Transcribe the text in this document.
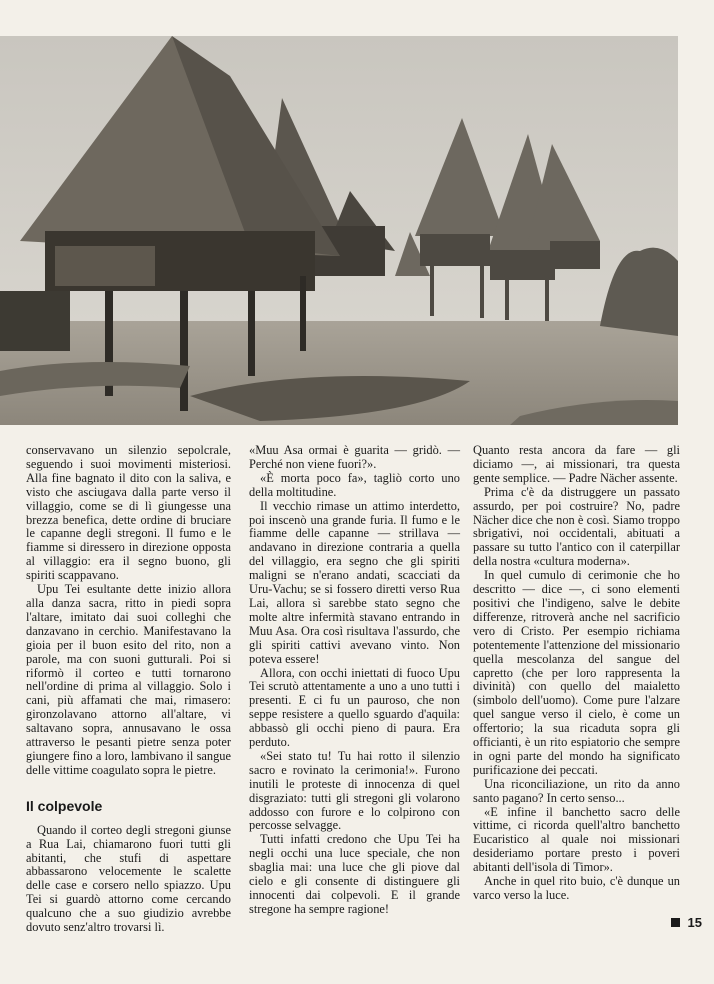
conservavano un silenzio sepolcrale, seguendo i suoi movimenti misteriosi. Alla fine bagnato il dito con la saliva, e visto che asciugava dalla parte verso il villaggio, come se di lì giungesse una brezza benefica, dette ordine di bruciare le capanne degli stregoni. Il fumo e le fiamme si diressero in direzione opposta al villaggio: era il segno buono, gli spiriti scappavano.

Upu Tei esultante dette inizio allora alla danza sacra, ritto in piedi sopra l'altare, imitato dai suoi colleghi che danzavano in cerchio. Manifestavano la gioia per il buon esito del rito, non a parole, ma con suoni gutturali. Poi si riformò il corteo e tutti tornarono nell'ordine di prima al villaggio. Solo i cani, più affamati che mai, rimasero: gironzolavano attorno all'altare, vi saltavano sopra, annusavano le ossa attraverso le pesanti pietre senza poter giungere fino a loro, lambivano il sangue delle vittime coagulato sopra le pietre.

Il colpevole

Quando il corteo degli stregoni giunse a Rua Lai, chiamarono fuori tutti gli abitanti, che stufi di aspettare abbassarono velocemente le scalette delle case e corsero nello spiazzo. Upu Tei si guardò attorno come cercando qualcuno che a suo giudizio avrebbe dovuto senz'altro trovarsi lì.

«Muu Asa ormai è guarita — gridò. — Perché non viene fuori?».

«È morta poco fa», tagliò corto uno della moltitudine.

Il vecchio rimase un attimo interdetto, poi inscenò una grande furia. Il fumo e le fiamme delle capanne — strillava — andavano in direzione contraria a quella del villaggio, era segno che gli spiriti maligni se n'erano andati, scacciati da Uru-Vachu; se si fossero diretti verso Rua Lai, allora sì sarebbe stato segno che molte altre infermità stavano entrando in Muu Asa. Ora così risultava l'assurdo, che gli spiriti cattivi avevano vinto. Non poteva essere!

Allora, con occhi iniettati di fuoco Upu Tei scrutò attentamente a uno a uno tutti i presenti. E ci fu un pauroso, che non seppe resistere a quello sguardo d'aquila: abbassò gli occhi pieno di paura. Era perduto.

«Sei stato tu! Tu hai rotto il silenzio sacro e rovinato la cerimonia!». Furono inutili le proteste di innocenza di quel disgraziato: tutti gli stregoni gli volarono addosso con furore e lo colpirono con percosse selvagge.

Tutti infatti credono che Upu Tei ha negli occhi una luce speciale, che non sbaglia mai: una luce che gli piove dal cielo e gli consente di distinguere gli innocenti dai colpevoli. E il grande stregone ha sempre ragione!

Quanto resta ancora da fare — gli diciamo —, ai missionari, tra questa gente semplice. — Padre Nächer assente.

Prima c'è da distruggere un passato assurdo, per poi costruire? No, padre Nächer dice che non è così. Siamo troppo sbrigativi, noi occidentali, abituati a passare su tutto l'antico con il caterpillar della nostra «cultura moderna».

In quel cumulo di cerimonie che ho descritto — dice —, ci sono elementi positivi che l'indigeno, salve le debite differenze, ritroverà anche nel sacrificio vero di Cristo. Per esempio richiama potentemente l'attenzione del missionario quella mescolanza del sangue del capretto (che per loro rappresenta la divinità) con quello del maialetto (simbolo dell'uomo). Come pure l'alzare quel sangue verso il cielo, è come un offertorio; la sua ricaduta sopra gli officianti, è un rito espiatorio che sempre in ogni parte del mondo ha significato purificazione dei peccati.

Una riconciliazione, un rito da anno santo pagano? In certo senso...

«E infine il banchetto sacro delle vittime, ci ricorda quell'altro banchetto Eucaristico al quale noi missionari desideriamo portare presto i poveri abitanti dell'isola di Timor».

Anche in quel rito buio, c'è dunque un varco verso la luce.

15
